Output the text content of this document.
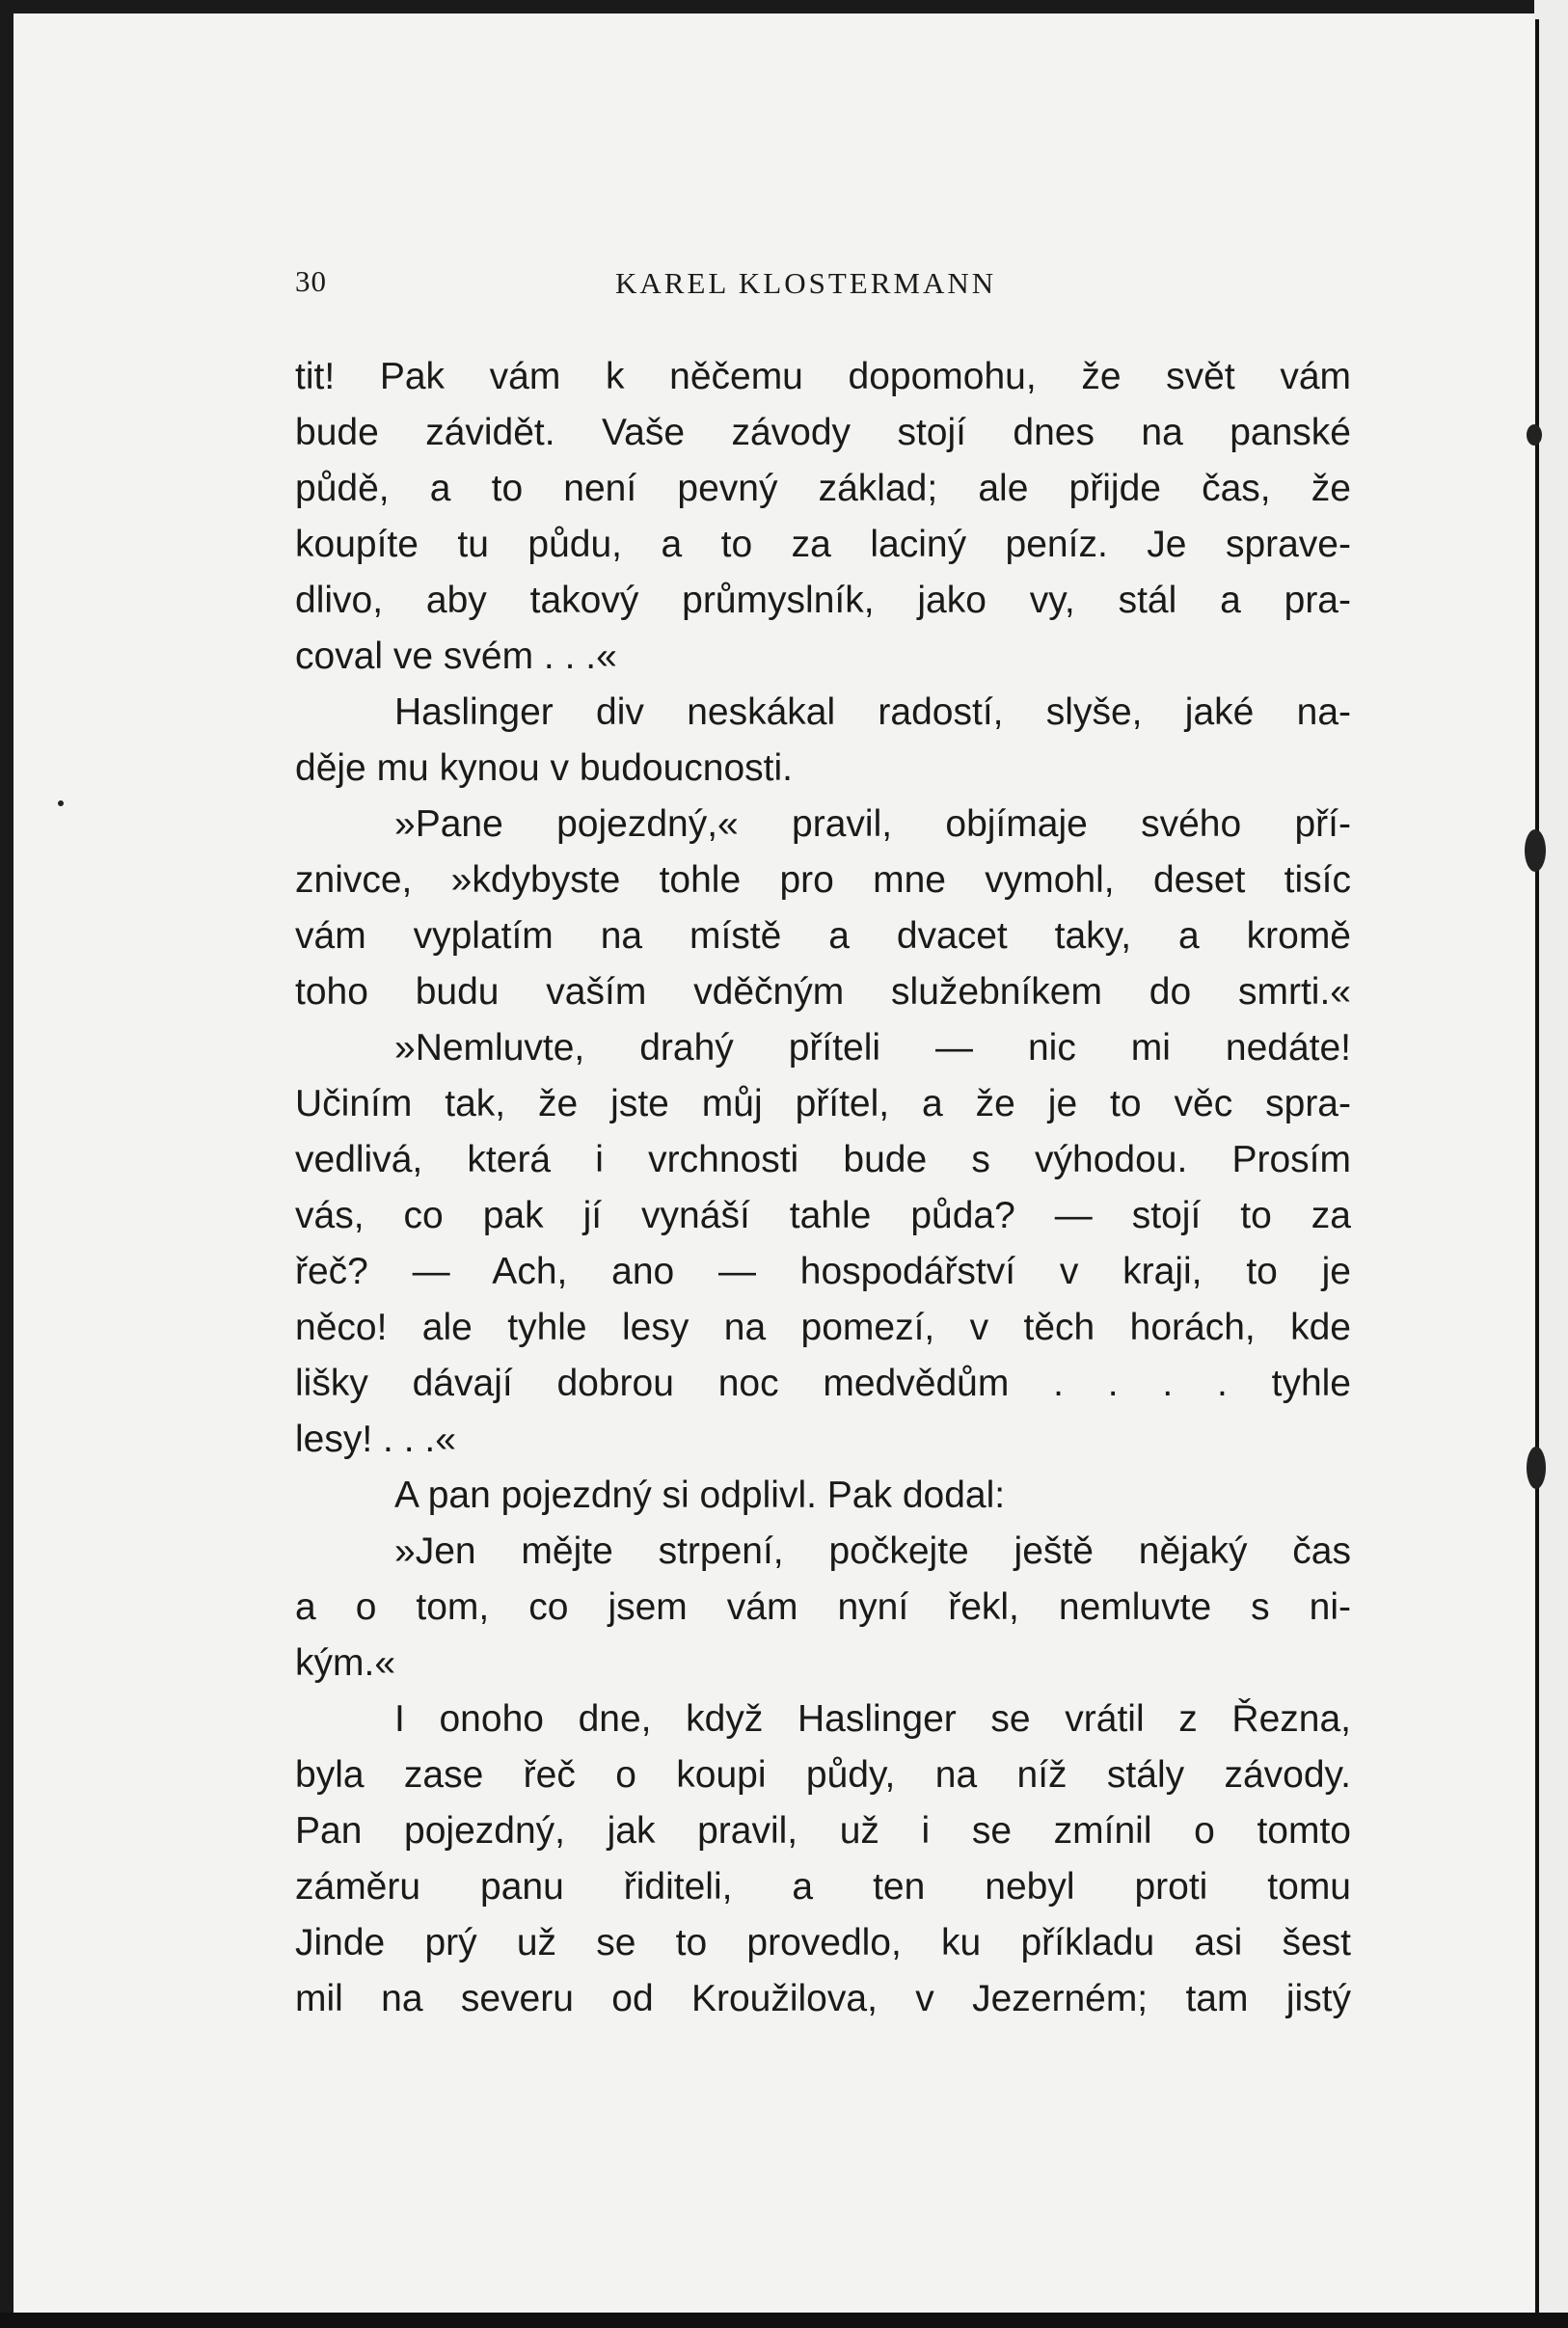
30	KAREL KLOSTERMANN
tit! Pak vám k něčemu dopomohu, že svět vám
bude závidět. Vaše závody stojí dnes na panské
půdě, a to není pevný základ; ale přijde čas, že
koupíte tu půdu, a to za laciný peníz. Je sprave-
dlivo, aby takový průmyslník, jako vy, stál a pra-
coval ve svém . . .«
Haslinger div neskákal radostí, slyše, jaké na-
děje mu kynou v budoucnosti.
»Pane pojezdný,« pravil, objímaje svého pří-
znivce, »kdybyste tohle pro mne vymohl, deset tisíc
vám vyplatím na místě a dvacet taky, a kromě
toho budu vaším vděčným služebníkem do smrti.«
»Nemluvte, drahý příteli — nic mi nedáte!
Učiním tak, že jste můj přítel, a že je to věc spra-
vedlivá, která i vrchnosti bude s výhodou. Prosím
vás, co pak jí vynáší tahle půda? — stojí to za
řeč? — Ach, ano — hospodářství v kraji, to je
něco! ale tyhle lesy na pomezí, v těch horách, kde
lišky dávají dobrou noc medvědům . . . . tyhle
lesy! . . .«
A pan pojezdný si odplivl. Pak dodal:
»Jen mějte strpení, počkejte ještě nějaký čas
a o tom, co jsem vám nyní řekl, nemluvte s ni-
kým.«
I onoho dne, když Haslinger se vrátil z Řezna,
byla zase řeč o koupi půdy, na níž stály závody.
Pan pojezdný, jak pravil, už i se zmínil o tomto
záměru panu řiditeli, a ten nebyl proti tomu
Jinde prý už se to provedlo, ku příkladu asi šest
mil na severu od Kroužilova, v Jezerném; tam jistý
